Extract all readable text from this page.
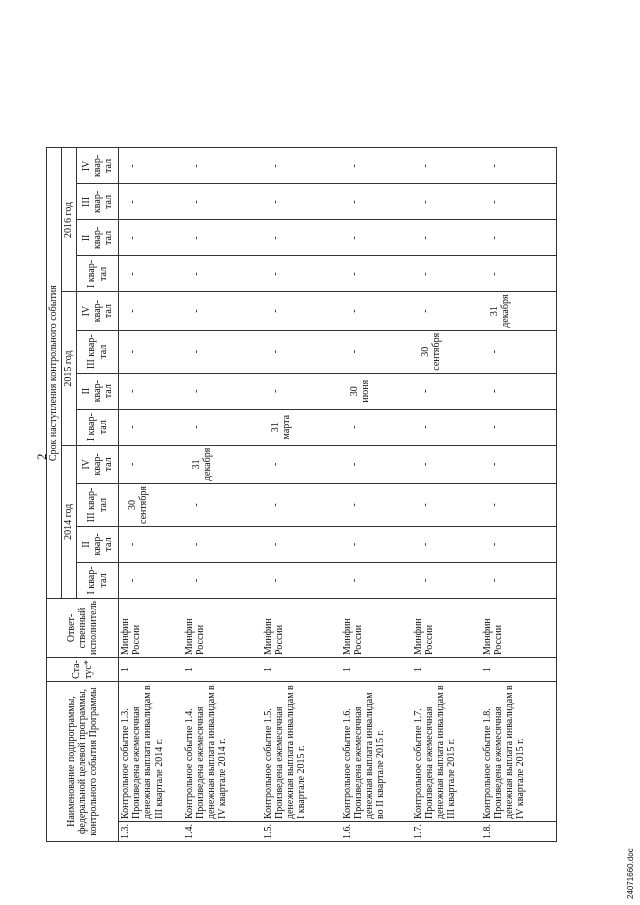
2
Наименование подпрограммы, федеральной целевой программы, контрольного события Программы		Ста-тус*	Ответ-ственный исполнитель	Срок наступления контрольного события											
				2014 год				2015 год				2016 год			
				I квар-тал	II квар-тал	III квар-тал	IV квар-тал	I квар-тал	II квар-тал	III квар-тал	IV квар-тал	I квар-тал	II квар-тал	III квар-тал	IV квар-тал
1.3.	Контрольное событие 1.3. Произведена ежемесячная денежная выплата инвалидам в III квартале 2014 г.	1	Минфин России	-	-	30 сентября	-	-	-	-	-	-	-	-	-
1.4.	Контрольное событие 1.4. Произведена ежемесячная денежная выплата инвалидам в IV квартале 2014 г.	1	Минфин России	-	-	-	31 декабря	-	-	-	-	-	-	-	-
1.5.	Контрольное событие 1.5. Произведена ежемесячная денежная выплата инвалидам в I квартале 2015 г.	1	Минфин России	-	-	-	-	31 марта	-	-	-	-	-	-	-
1.6.	Контрольное событие 1.6. Произведена ежемесячная денежная выплата инвалидам во II квартале 2015 г.	1	Минфин России	-	-	-	-	-	30 июня	-	-	-	-	-	-
1.7.	Контрольное событие 1.7. Произведена ежемесячная денежная выплата инвалидам в III квартале 2015 г.	1	Минфин России	-	-	-	-	-	-	30 сентября	-	-	-	-	-
1.8.	Контрольное событие 1.8. Произведена ежемесячная денежная выплата инвалидам в IV квартале 2015 г.	1	Минфин России	-	-	-	-	-	-	-	31 декабря	-	-	-	-
24071660.doc
